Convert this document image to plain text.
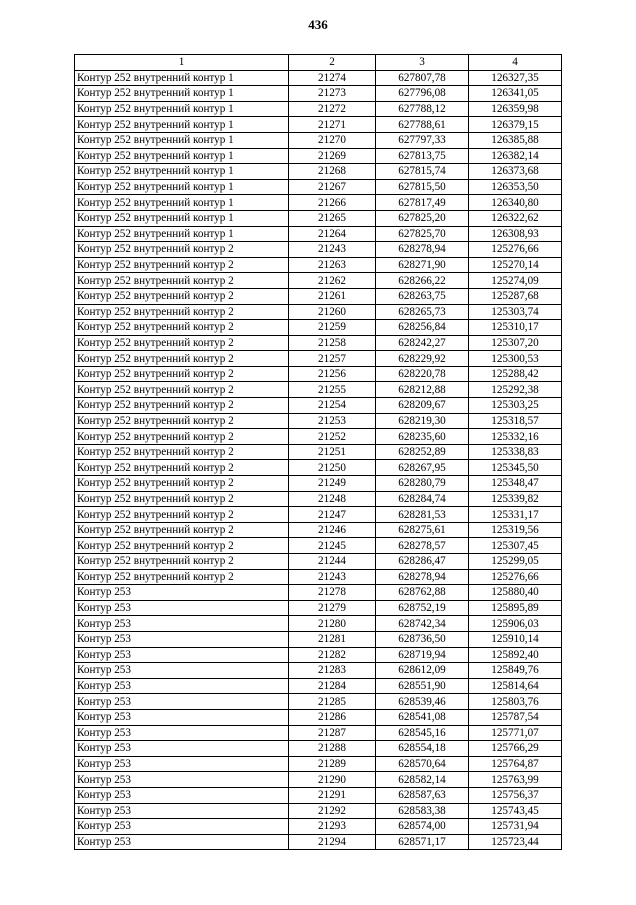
436
1	2	3	4
Контур 252 внутренний контур 1	21274	627807,78	126327,35
Контур 252 внутренний контур 1	21273	627796,08	126341,05
Контур 252 внутренний контур 1	21272	627788,12	126359,98
Контур 252 внутренний контур 1	21271	627788,61	126379,15
Контур 252 внутренний контур 1	21270	627797,33	126385,88
Контур 252 внутренний контур 1	21269	627813,75	126382,14
Контур 252 внутренний контур 1	21268	627815,74	126373,68
Контур 252 внутренний контур 1	21267	627815,50	126353,50
Контур 252 внутренний контур 1	21266	627817,49	126340,80
Контур 252 внутренний контур 1	21265	627825,20	126322,62
Контур 252 внутренний контур 1	21264	627825,70	126308,93
Контур 252 внутренний контур 2	21243	628278,94	125276,66
Контур 252 внутренний контур 2	21263	628271,90	125270,14
Контур 252 внутренний контур 2	21262	628266,22	125274,09
Контур 252 внутренний контур 2	21261	628263,75	125287,68
Контур 252 внутренний контур 2	21260	628265,73	125303,74
Контур 252 внутренний контур 2	21259	628256,84	125310,17
Контур 252 внутренний контур 2	21258	628242,27	125307,20
Контур 252 внутренний контур 2	21257	628229,92	125300,53
Контур 252 внутренний контур 2	21256	628220,78	125288,42
Контур 252 внутренний контур 2	21255	628212,88	125292,38
Контур 252 внутренний контур 2	21254	628209,67	125303,25
Контур 252 внутренний контур 2	21253	628219,30	125318,57
Контур 252 внутренний контур 2	21252	628235,60	125332,16
Контур 252 внутренний контур 2	21251	628252,89	125338,83
Контур 252 внутренний контур 2	21250	628267,95	125345,50
Контур 252 внутренний контур 2	21249	628280,79	125348,47
Контур 252 внутренний контур 2	21248	628284,74	125339,82
Контур 252 внутренний контур 2	21247	628281,53	125331,17
Контур 252 внутренний контур 2	21246	628275,61	125319,56
Контур 252 внутренний контур 2	21245	628278,57	125307,45
Контур 252 внутренний контур 2	21244	628286,47	125299,05
Контур 252 внутренний контур 2	21243	628278,94	125276,66
Контур 253	21278	628762,88	125880,40
Контур 253	21279	628752,19	125895,89
Контур 253	21280	628742,34	125906,03
Контур 253	21281	628736,50	125910,14
Контур 253	21282	628719,94	125892,40
Контур 253	21283	628612,09	125849,76
Контур 253	21284	628551,90	125814,64
Контур 253	21285	628539,46	125803,76
Контур 253	21286	628541,08	125787,54
Контур 253	21287	628545,16	125771,07
Контур 253	21288	628554,18	125766,29
Контур 253	21289	628570,64	125764,87
Контур 253	21290	628582,14	125763,99
Контур 253	21291	628587,63	125756,37
Контур 253	21292	628583,38	125743,45
Контур 253	21293	628574,00	125731,94
Контур 253	21294	628571,17	125723,44
